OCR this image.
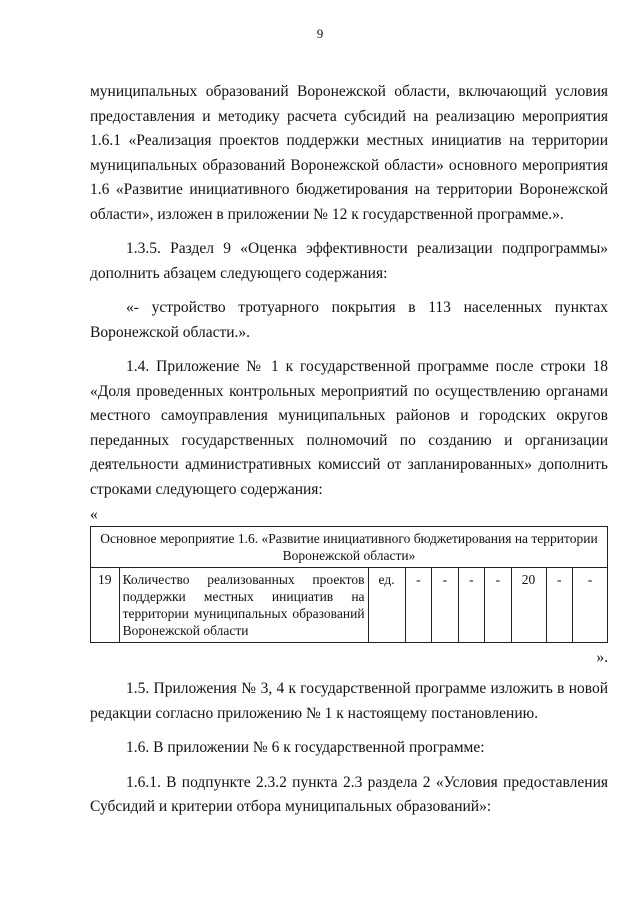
9

муниципальных образований Воронежской области, включающий условия предоставления и методику расчета субсидий на реализацию мероприятия 1.6.1 «Реализация проектов поддержки местных инициатив на территории муниципальных образований Воронежской области» основного мероприятия 1.6 «Развитие инициативного бюджетирования на территории Воронежской области», изложен в приложении № 12 к государственной программе.».

1.3.5. Раздел 9 «Оценка эффективности реализации подпрограммы» дополнить абзацем следующего содержания:

«- устройство тротуарного покрытия в 113 населенных пунктах Воронежской области.».

1.4. Приложение № 1 к государственной программе после строки 18 «Доля проведенных контрольных мероприятий по осуществлению органами местного самоуправления муниципальных районов и городских округов переданных государственных полномочий по созданию и организации деятельности административных комиссий от запланированных» дополнить строками следующего содержания:

«

Основное мероприятие 1.6. «Развитие инициативного бюджетирования на территории Воронежской области»
19	Количество реализованных проектов поддержки местных инициатив на территории муниципальных образований Воронежской области	ед.	-	-	-	-	20	-	-

».

1.5. Приложения № 3, 4 к государственной программе изложить в новой редакции согласно приложению № 1 к настоящему постановлению.

1.6. В приложении № 6 к государственной программе:

1.6.1. В подпункте 2.3.2 пункта 2.3 раздела 2 «Условия предоставления Субсидий и критерии отбора муниципальных образований»:
